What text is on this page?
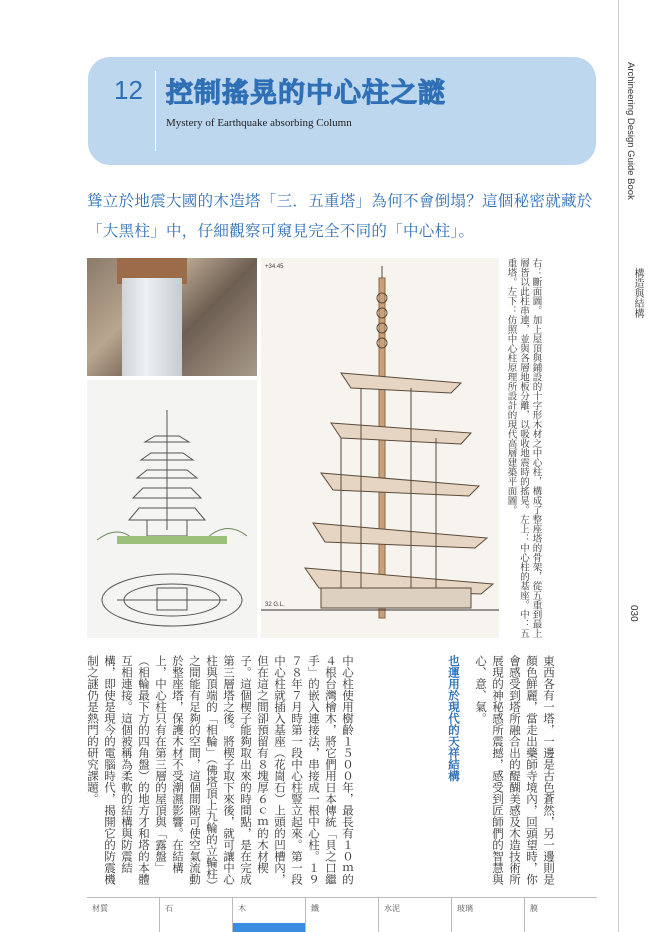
12 控制搖晃的中心柱之謎
Mystery of Earthquake absorbing Column	Archineering Design Guide Book
構造與結構
030
聳立於地震大國的木造塔「三．五重塔」為何不會倒塌？這個秘密就藏於「大黑柱」中，仔細觀察可窺見完全不同的「中心柱」。
+34.45
32 G.L.	右：斷面圖。加上屋頂與鋪設的十字形木材之中心柱，構成了整座塔的骨架，從五重到最上層皆以此柱串連，並與各層地板分離，以吸收地震時的搖晃。左上：中心柱的基座。中：五重塔。左下：仿照中心柱原理所設計的現代高層建築平面圖。
東西各有一塔，一邊是古色蒼然，另一邊則是顏色鮮麗，當走出藥師寺境內，回頭望時，你會感受到塔所融合出的醍醐美感及木造技術所展現的神秘感所震撼，感受到匠師們的智慧與心、意、氣。
也運用於現代的天祥結構
中心柱使用樹齡１５００年，最長有１０ｍ的４根台灣檜木，將它們用日本傳統「貝之口繼手」的嵌入連接法，串接成一根中心柱。１９７８年７月時第一段中心柱豎立起來。第一段中心柱就插入基座（花崗石）上頭的凹槽內，但在這之間卻預留有８塊厚６ｃｍ的木材楔子。這個楔子能夠取出來的時間點，是在完成第三層塔之後。將楔子取下來後，就可讓中心柱與頂端的「相輪」（佛塔頂上九輪的立輪柱）之間能有足夠的空間，這個間隙可使空氣流動於整座塔，保護木材不受潮濕影響。在結構上，中心柱只有在第三層的屋頂與「露盤」（相輪最下方的四角盤）的地方才和塔的本體互相連接。這個被稱為柔軟的結構與防震結構，即使是現今的電腦時代，揭開它的防震機制之謎仍是熱門的研究課題。
材質	石	木	鐵	水泥	玻璃	膜
